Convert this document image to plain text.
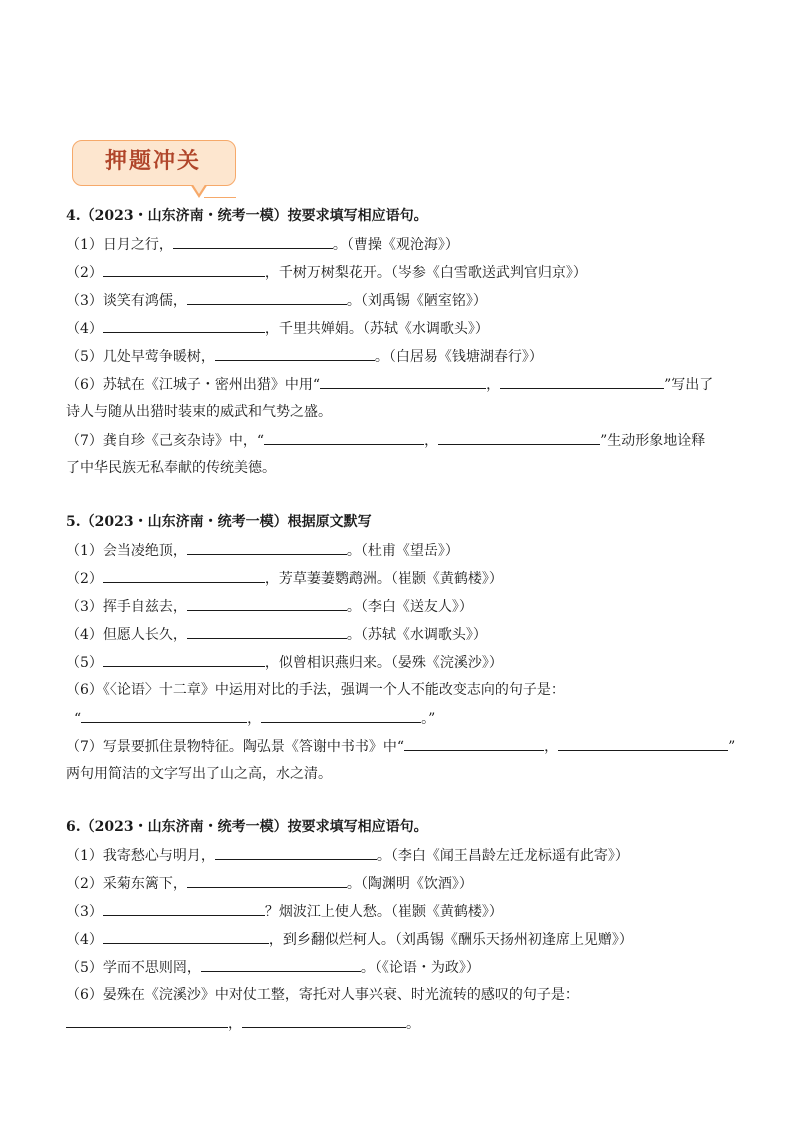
押题冲关
4.（2023・山东济南・统考一模）按要求填写相应语句。
（1）日月之行，	。（曹操《观沧海》）
（2）	，千树万树梨花开。（岑参《白雪歌送武判官归京》）
（3）谈笑有鸿儒，	。（刘禹锡《陋室铭》）
（4）	，千里共婵娟。（苏轼《水调歌头》）
（5）几处早莺争暖树，	。（白居易《钱塘湖春行》）
（6）苏轼在《江城子・密州出猎》中用“	，	”写出了
诗人与随从出猎时装束的威武和气势之盛。
（7）龚自珍《己亥杂诗》中，“	，	”生动形象地诠释
了中华民族无私奉献的传统美德。
5.（2023・山东济南・统考一模）根据原文默写
（1）会当凌绝顶，	。（杜甫《望岳》）
（2）	，芳草萋萋鹦鹉洲。（崔颢《黄鹤楼》）
（3）挥手自兹去，	。（李白《送友人》）
（4）但愿人长久，	。（苏轼《水调歌头》）
（5）	，似曾相识燕归来。（晏殊《浣溪沙》）
（6）《〈论语〉十二章》中运用对比的手法，强调一个人不能改变志向的句子是：
“	，	。”
（7）写景要抓住景物特征。陶弘景《答谢中书书》中“	，	”
两句用简洁的文字写出了山之高，水之清。
6.（2023・山东济南・统考一模）按要求填写相应语句。
（1）我寄愁心与明月，	。（李白《闻王昌龄左迁龙标遥有此寄》）
（2）采菊东篱下，	。（陶渊明《饮酒》）
（3）	？烟波江上使人愁。（崔颢《黄鹤楼》）
（4）	，到乡翻似烂柯人。（刘禹锡《酬乐天扬州初逢席上见赠》）
（5）学而不思则罔，	。（《论语・为政》）
（6）晏殊在《浣溪沙》中对仗工整，寄托对人事兴衰、时光流转的感叹的句子是：
，	。
